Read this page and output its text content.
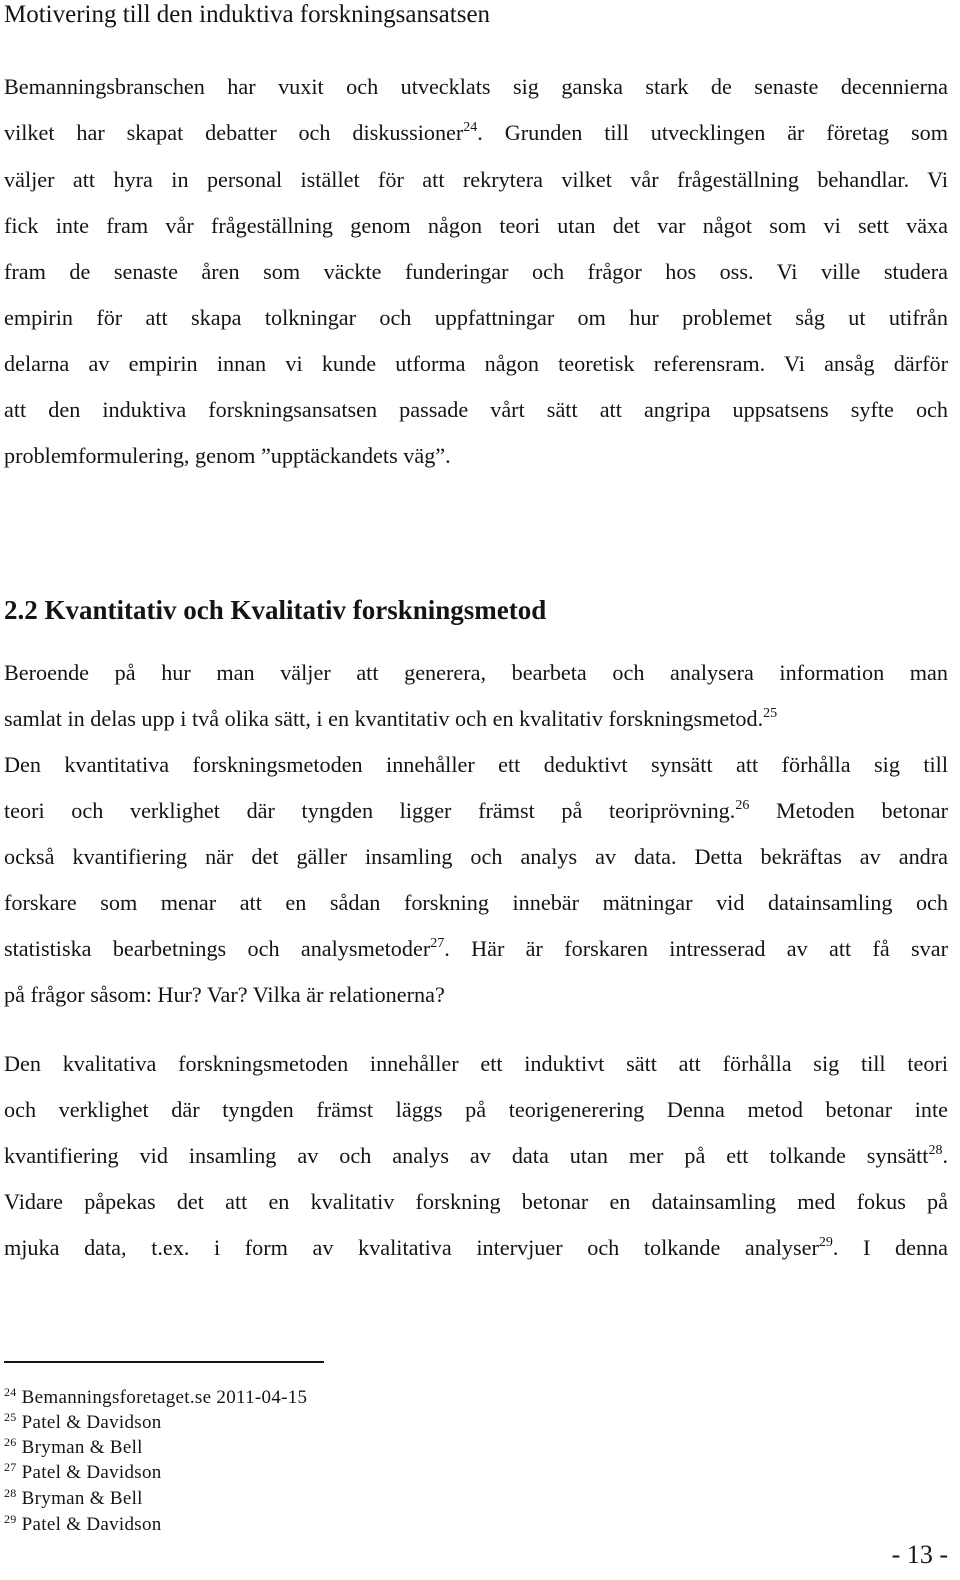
Motivering till den induktiva forskningsansatsen
Bemanningsbranschen har vuxit och utvecklats sig ganska stark de senaste decennierna
vilket har skapat debatter och diskussioner$^{24}$. Grunden till utvecklingen är företag som
väljer att hyra in personal istället för att rekrytera vilket vår frågeställning behandlar. Vi
fick inte fram vår frågeställning genom någon teori utan det var något som vi sett växa
fram de senaste åren som väckte funderingar och frågor hos oss. Vi ville studera
empirin för att skapa tolkningar och uppfattningar om hur problemet såg ut utifrån
delarna av empirin innan vi kunde utforma någon teoretisk referensram. Vi ansåg därför
att den induktiva forskningsansatsen passade vårt sätt att angripa uppsatsens syfte och
problemformulering, genom ”upptäckandets väg”.
2.2 Kvantitativ och Kvalitativ forskningsmetod
Beroende på hur man väljer att generera, bearbeta och analysera information man
samlat in delas upp i två olika sätt, i en kvantitativ och en kvalitativ forskningsmetod.$^{25}$
Den kvantitativa forskningsmetoden innehåller ett deduktivt synsätt att förhålla sig till
teori och verklighet där tyngden ligger främst på teoriprövning.$^{26}$ Metoden betonar
också kvantifiering när det gäller insamling och analys av data. Detta bekräftas av andra
forskare som menar att en sådan forskning innebär mätningar vid datainsamling och
statistiska bearbetnings och analysmetoder$^{27}$. Här är forskaren intresserad av att få svar
på frågor såsom: Hur? Var? Vilka är relationerna?
Den kvalitativa forskningsmetoden innehåller ett induktivt sätt att förhålla sig till teori
och verklighet där tyngden främst läggs på teorigenerering Denna metod betonar inte
kvantifiering vid insamling av och analys av data utan mer på ett tolkande synsätt$^{28}$.
Vidare påpekas det att en kvalitativ forskning betonar en datainsamling med fokus på
mjuka data, t.ex. i form av kvalitativa intervjuer och tolkande analyser$^{29}$. I denna
$^{24}$ Bemanningsforetaget.se 2011-04-15
$^{25}$ Patel & Davidson
$^{26}$ Bryman & Bell
$^{27}$ Patel & Davidson
$^{28}$ Bryman & Bell
$^{29}$ Patel & Davidson
- 13 -
